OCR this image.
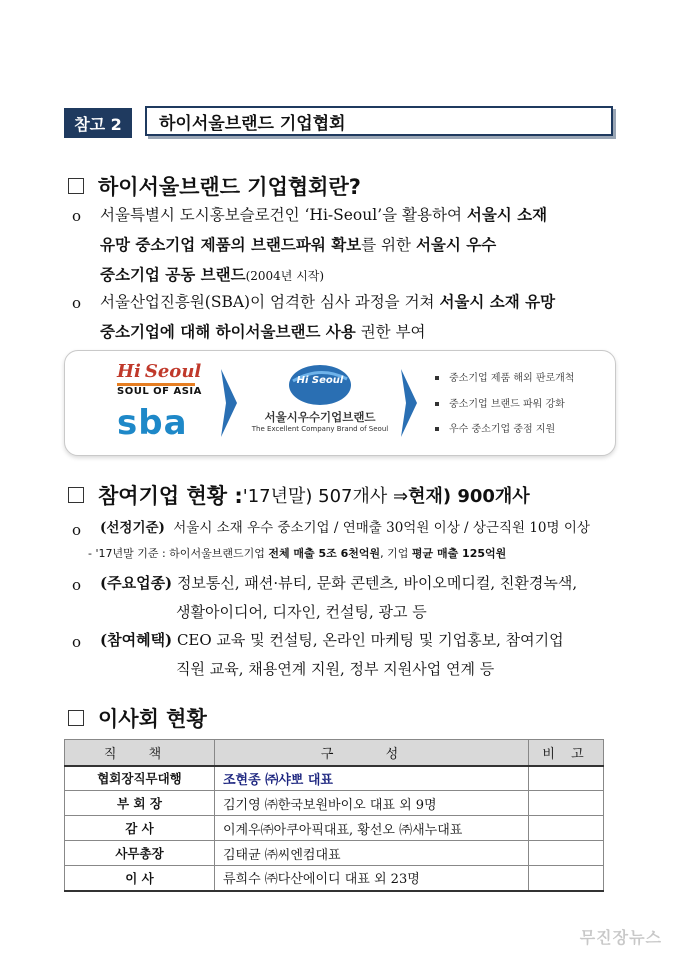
참고 2	하이서울브랜드 기업협회
하이서울브랜드 기업협회란?
o 서울특별시 도시홍보슬로건인 ‘Hi-Seoul’을 활용하여 서울시 소재
유망 중소기업 제품의 브랜드파워 확보를 위한 서울시 우수
중소기업 공동 브랜드(2004년 시작)
o 서울산업진흥원(SBA)이 엄격한 심사 과정을 거쳐 서울시 소재 유망
중소기업에 대해 하이서울브랜드 사용 권한 부여
Hi Seoul
SOUL OF ASIA
sba
Hi Seoul
서울시우수기업브랜드
The Excellent Company Brand of Seoul
중소기업 제품 해외 판로개척
중소기업 브랜드 파워 강화
우수 중소기업 중점 지원
참여기업 현황 : '17년말) 507개사 ⇒ 현재) 900개사
o (선정기준) 서울시 소재 우수 중소기업 / 연매출 30억원 이상 / 상근직원 10명 이상
- '17년말 기준 : 하이서울브랜드기업 전체 매출 5조 6천억원, 기업 평균 매출 125억원
o (주요업종) 정보통신, 패션·뷰티, 문화 콘텐츠, 바이오메디컬, 친환경녹색,
생활아이디어, 디자인, 컨설팅, 광고 등
o (참여혜택) CEO 교육 및 컨설팅, 온라인 마케팅 및 기업홍보, 참여기업
직원 교육, 채용연계 지원, 정부 지원사업 연계 등
이사회 현황
직 책	구 성	비 고
협회장직무대행	조현종 ㈜샤뽀 대표	
부 회 장	김기영 ㈜한국보원바이오 대표 외 9명	
감 사	이계우㈜아쿠아픽대표, 황선오 ㈜새누대표	
사무총장	김태균 ㈜씨엔컴대표	
이 사	류희수 ㈜다산에이디 대표 외 23명	
무진장뉴스
